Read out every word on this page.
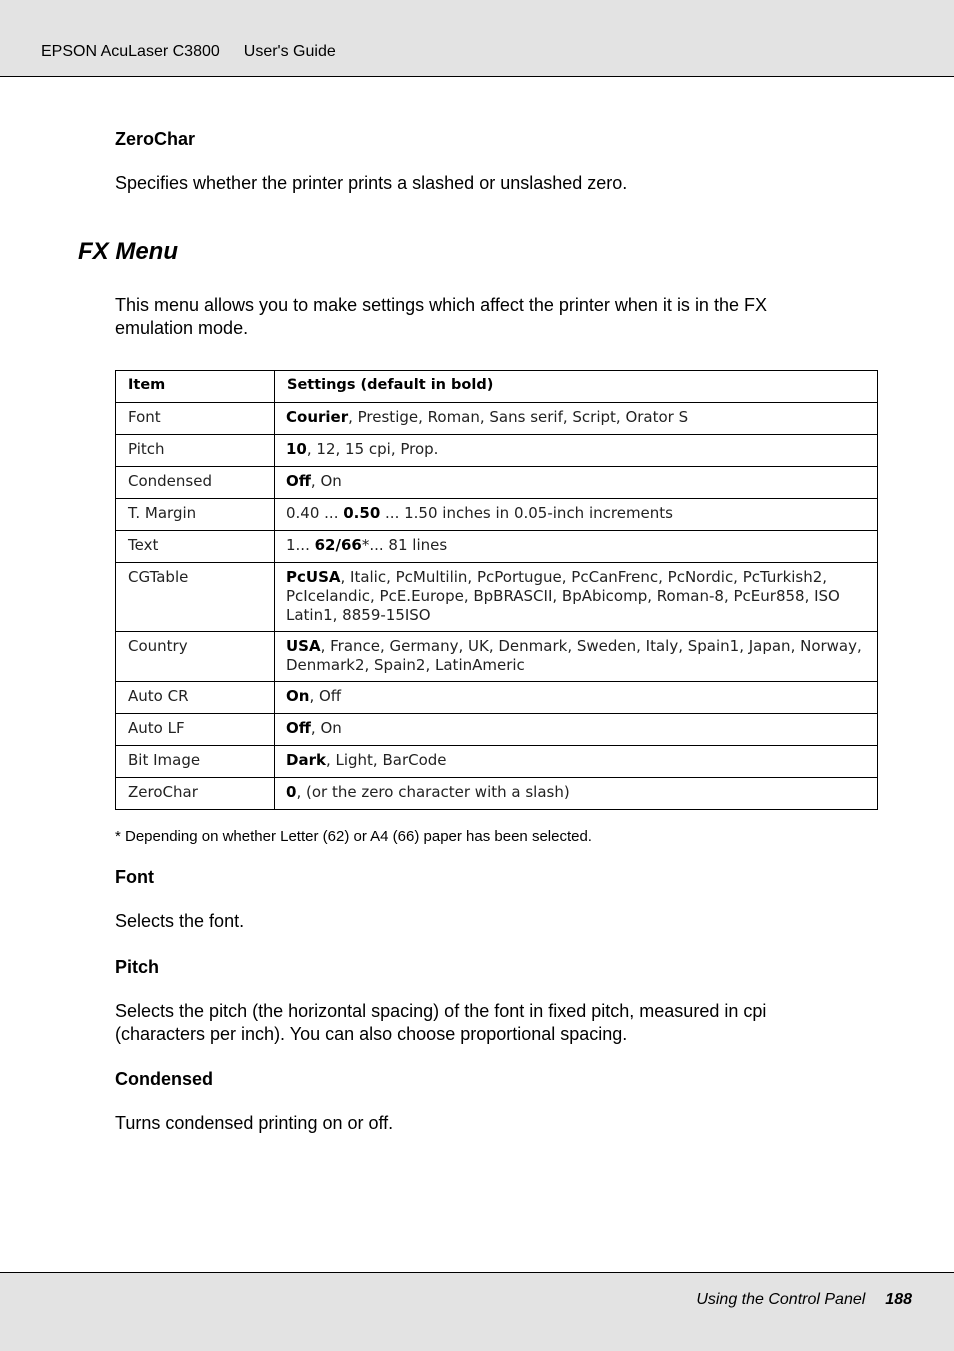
EPSON AcuLaser C3800 User's Guide
ZeroChar
Specifies whether the printer prints a slashed or unslashed zero.
FX Menu
This menu allows you to make settings which affect the printer when it is in the FX
emulation mode.
Item	Settings (default in bold)
Font	Courier, Prestige, Roman, Sans serif, Script, Orator S
Pitch	10, 12, 15 cpi, Prop.
Condensed	Off, On
T. Margin	0.40 ... 0.50 ... 1.50 inches in 0.05-inch increments
Text	1... 62/66*... 81 lines
CGTable	PcUSA, Italic, PcMultilin, PcPortugue, PcCanFrenc, PcNordic, PcTurkish2, PcIcelandic, PcE.Europe, BpBRASCII, BpAbicomp, Roman-8, PcEur858, ISO Latin1, 8859-15ISO
Country	USA, France, Germany, UK, Denmark, Sweden, Italy, Spain1, Japan, Norway, Denmark2, Spain2, LatinAmeric
Auto CR	On, Off
Auto LF	Off, On
Bit Image	Dark, Light, BarCode
ZeroChar	0, (or the zero character with a slash)
* Depending on whether Letter (62) or A4 (66) paper has been selected.
Font
Selects the font.
Pitch
Selects the pitch (the horizontal spacing) of the font in fixed pitch, measured in cpi
(characters per inch). You can also choose proportional spacing.
Condensed
Turns condensed printing on or off.
Using the Control Panel 188
